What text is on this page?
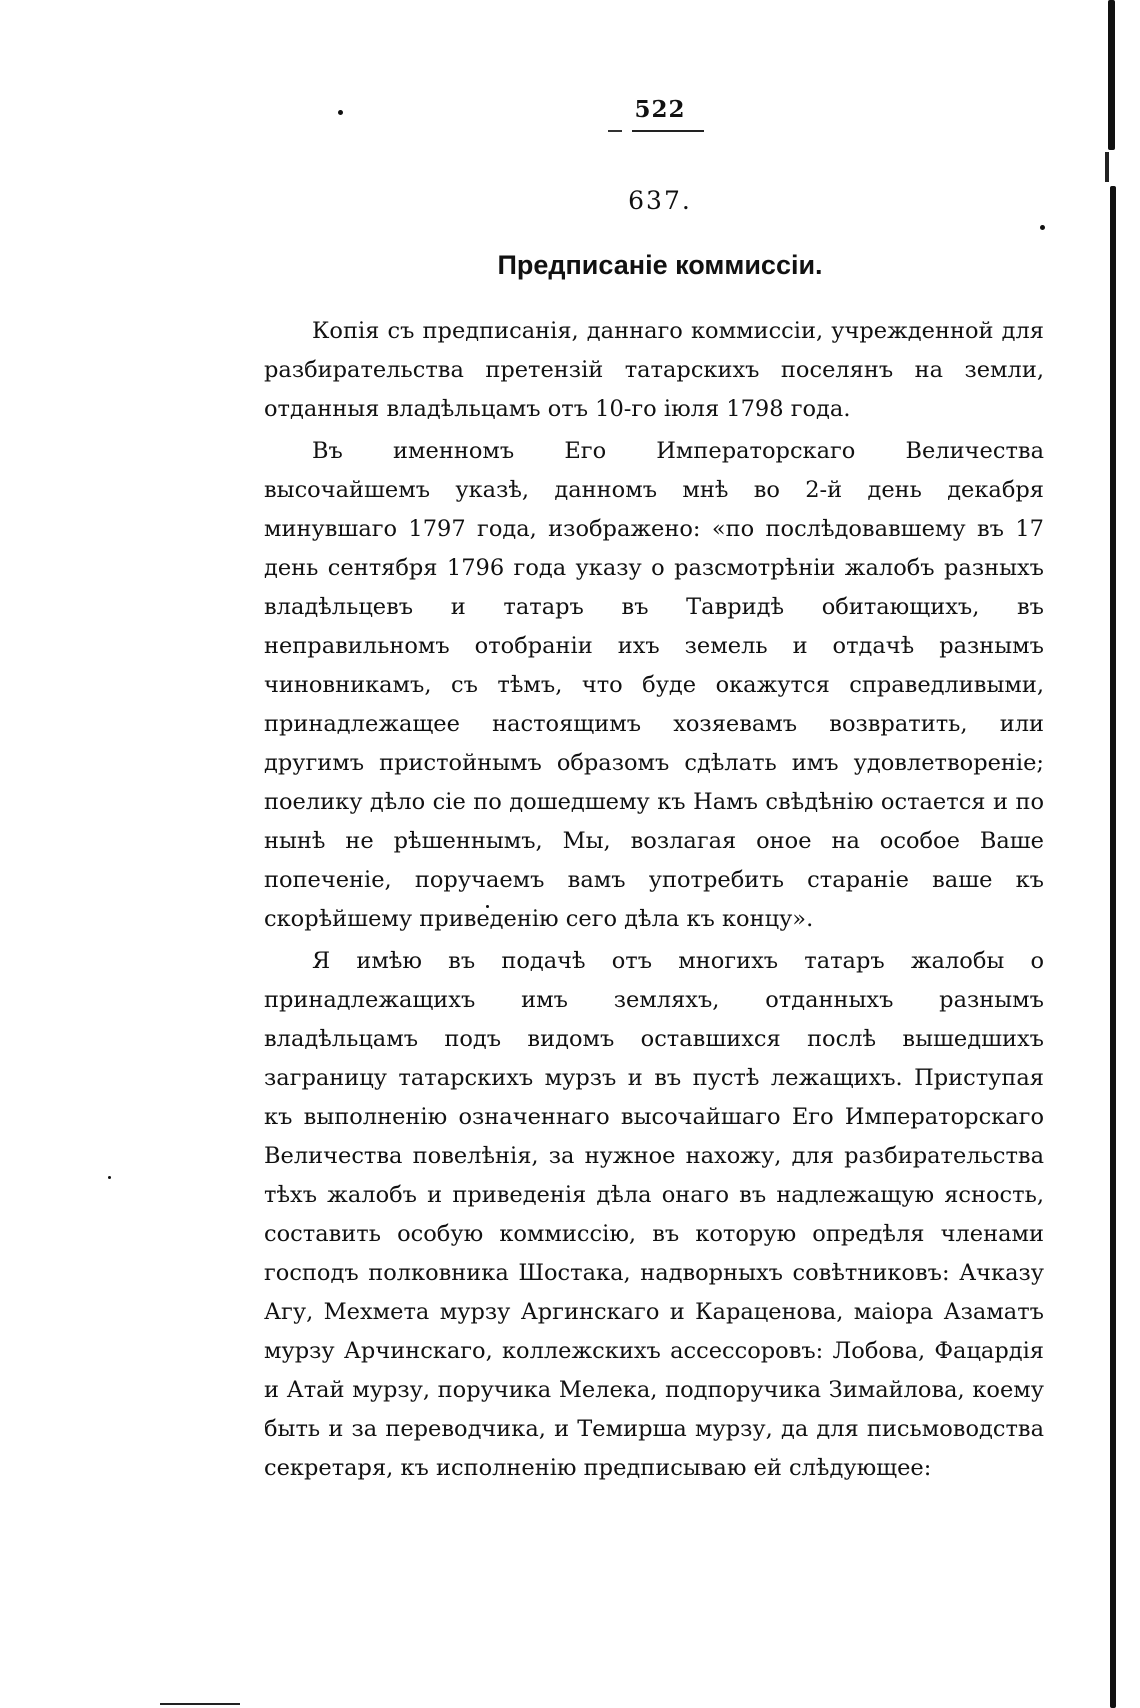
522
637.
Предписаніе коммиссіи.

Копія съ предписанія, даннаго коммиссіи, учрежденной для разбирательства претензій татарскихъ поселянъ на земли, отданныя владѣльцамъ отъ 10-го іюля 1798 года.

Въ именномъ Его Императорскаго Величества высочайшемъ указѣ, данномъ мнѣ во 2-й день декабря минувшаго 1797 года, изображено: «по послѣдовавшему въ 17 день сентября 1796 года указу о разсмотрѣніи жалобъ разныхъ владѣльцевъ и татаръ въ Тавридѣ обитающихъ, въ неправильномъ отобраніи ихъ земель и отдачѣ разнымъ чиновникамъ, съ тѣмъ, что буде окажутся справедливыми, принадлежащее настоящимъ хозяевамъ возвратить, или другимъ пристойнымъ образомъ сдѣлать имъ удовлетвореніе; поелику дѣло сіе по дошедшему къ Намъ свѣдѣнію остается и по нынѣ не рѣшеннымъ, Мы, возлагая оное на особое Ваше попеченіе, поручаемъ вамъ употребить стараніе ваше къ скорѣйшему приведенію сего дѣла къ концу».

Я имѣю въ подачѣ отъ многихъ татаръ жалобы о принадлежащихъ имъ земляхъ, отданныхъ разнымъ владѣльцамъ подъ видомъ оставшихся послѣ вышедшихъ заграницу татарскихъ мурзъ и въ пустѣ лежащихъ. Приступая къ выполненію означеннаго высочайшаго Его Императорскаго Величества повелѣнія, за нужное нахожу, для разбирательства тѣхъ жалобъ и приведенія дѣла онаго въ надлежащую ясность, составить особую коммиссію, въ которую опредѣля членами господъ полковника Шостака, надворныхъ совѣтниковъ: Ачказу Агу, Мехмета мурзу Аргинскаго и Караценова, маіора Азаматъ мурзу Арчинскаго, коллежскихъ ассессоровъ: Лобова, Фацардія и Атай мурзу, поручика Мелека, подпоручика Зимайлова, коему быть и за переводчика, и Темирша мурзу, да для письмоводства секретаря, къ исполненію предписываю ей слѣдующее:
